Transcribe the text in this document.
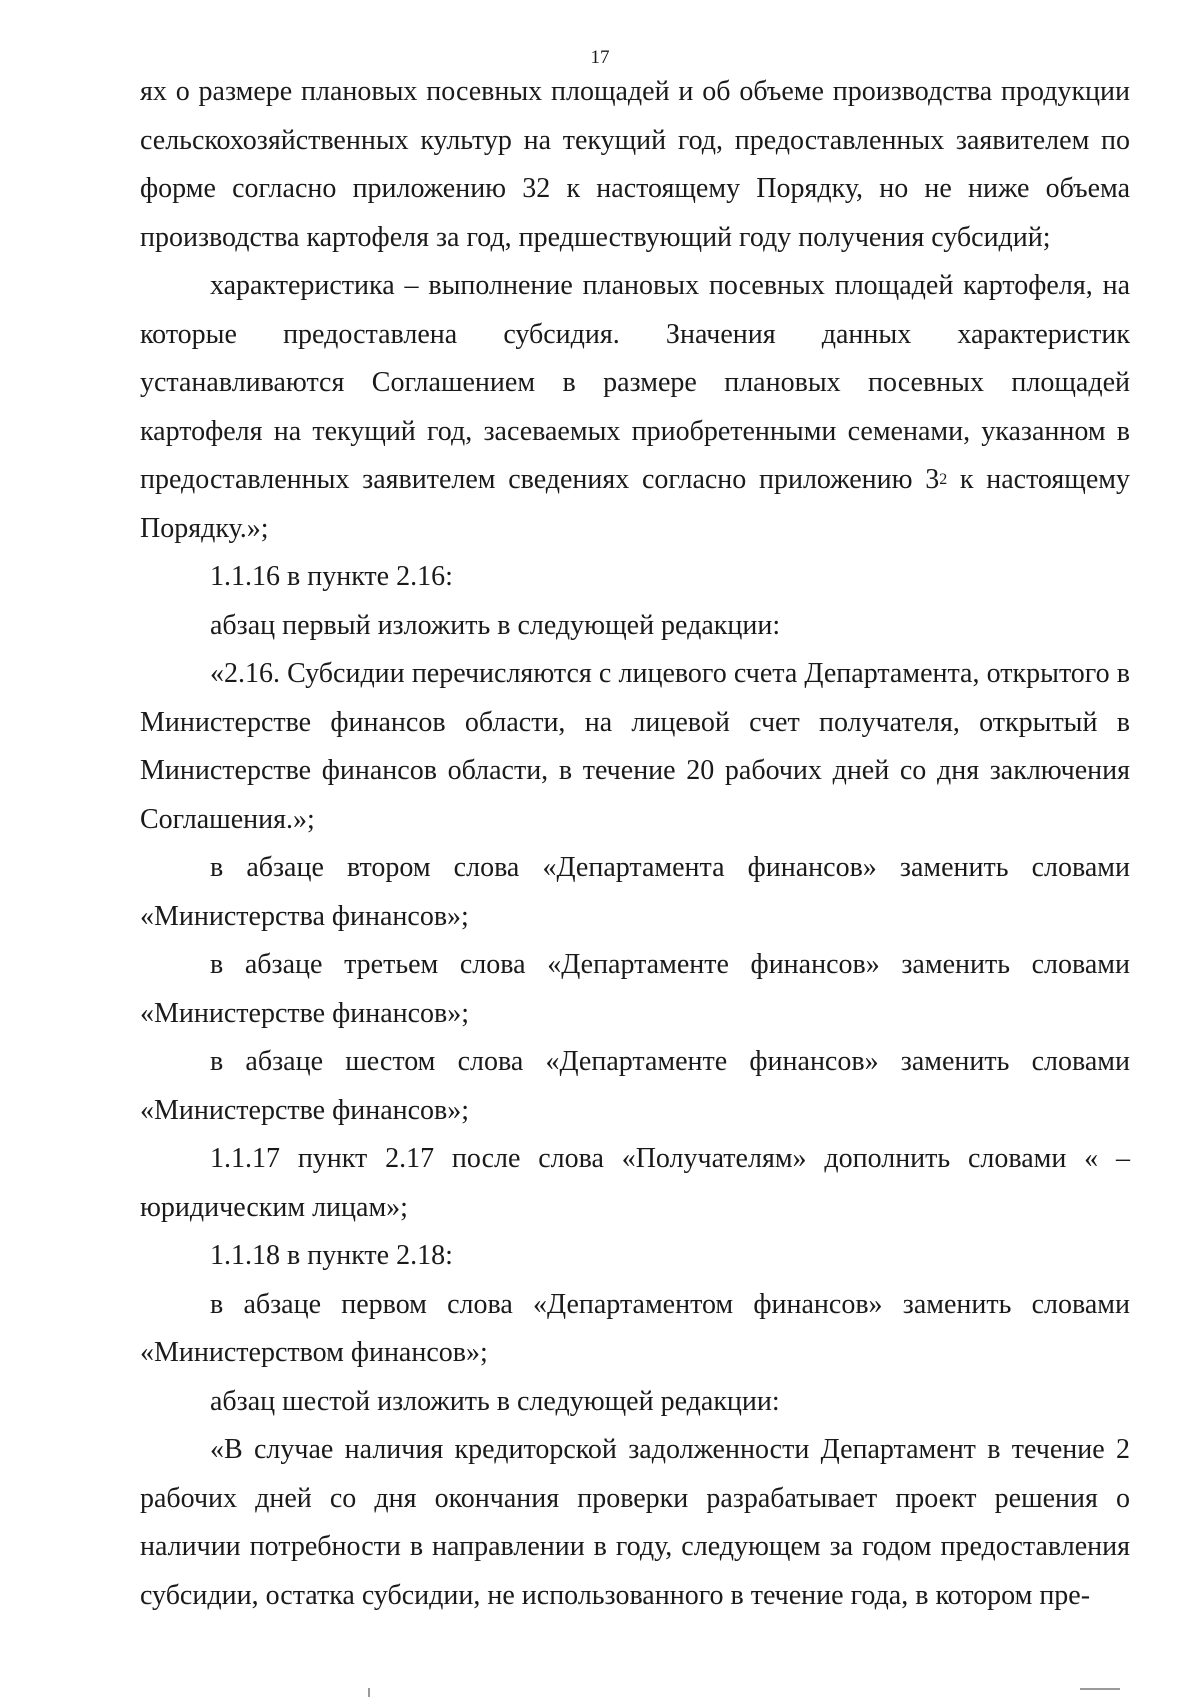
17

ях о размере плановых посевных площадей и об объеме производства продукции сельскохозяйственных культур на текущий год, предоставленных заявителем по форме согласно приложению 32 к настоящему Порядку, но не ниже объема производства картофеля за год, предшествующий году получения субсидий;

характеристика – выполнение плановых посевных площадей картофеля, на которые предоставлена субсидия. Значения данных характеристик устанавливаются Соглашением в размере плановых посевных площадей картофеля на текущий год, засеваемых приобретенными семенами, указанном в предоставленных заявителем сведениях согласно приложению $3^2$ к настоящему Порядку.»;

1.1.16 в пункте 2.16:

абзац первый изложить в следующей редакции:

«2.16. Субсидии перечисляются с лицевого счета Департамента, открытого в Министерстве финансов области, на лицевой счет получателя, открытый в Министерстве финансов области, в течение 20 рабочих дней со дня заключения Соглашения.»;

в абзаце втором слова «Департамента финансов» заменить словами «Министерства финансов»;

в абзаце третьем слова «Департаменте финансов» заменить словами «Министерстве финансов»;

в абзаце шестом слова «Департаменте финансов» заменить словами «Министерстве финансов»;

1.1.17 пункт 2.17 после слова «Получателям» дополнить словами « – юридическим лицам»;

1.1.18 в пункте 2.18:

в абзаце первом слова «Департаментом финансов» заменить словами «Министерством финансов»;

абзац шестой изложить в следующей редакции:

«В случае наличия кредиторской задолженности Департамент в течение 2 рабочих дней со дня окончания проверки разрабатывает проект решения о наличии потребности в направлении в году, следующем за годом предоставления субсидии, остатка субсидии, не использованного в течение года, в котором пре-
